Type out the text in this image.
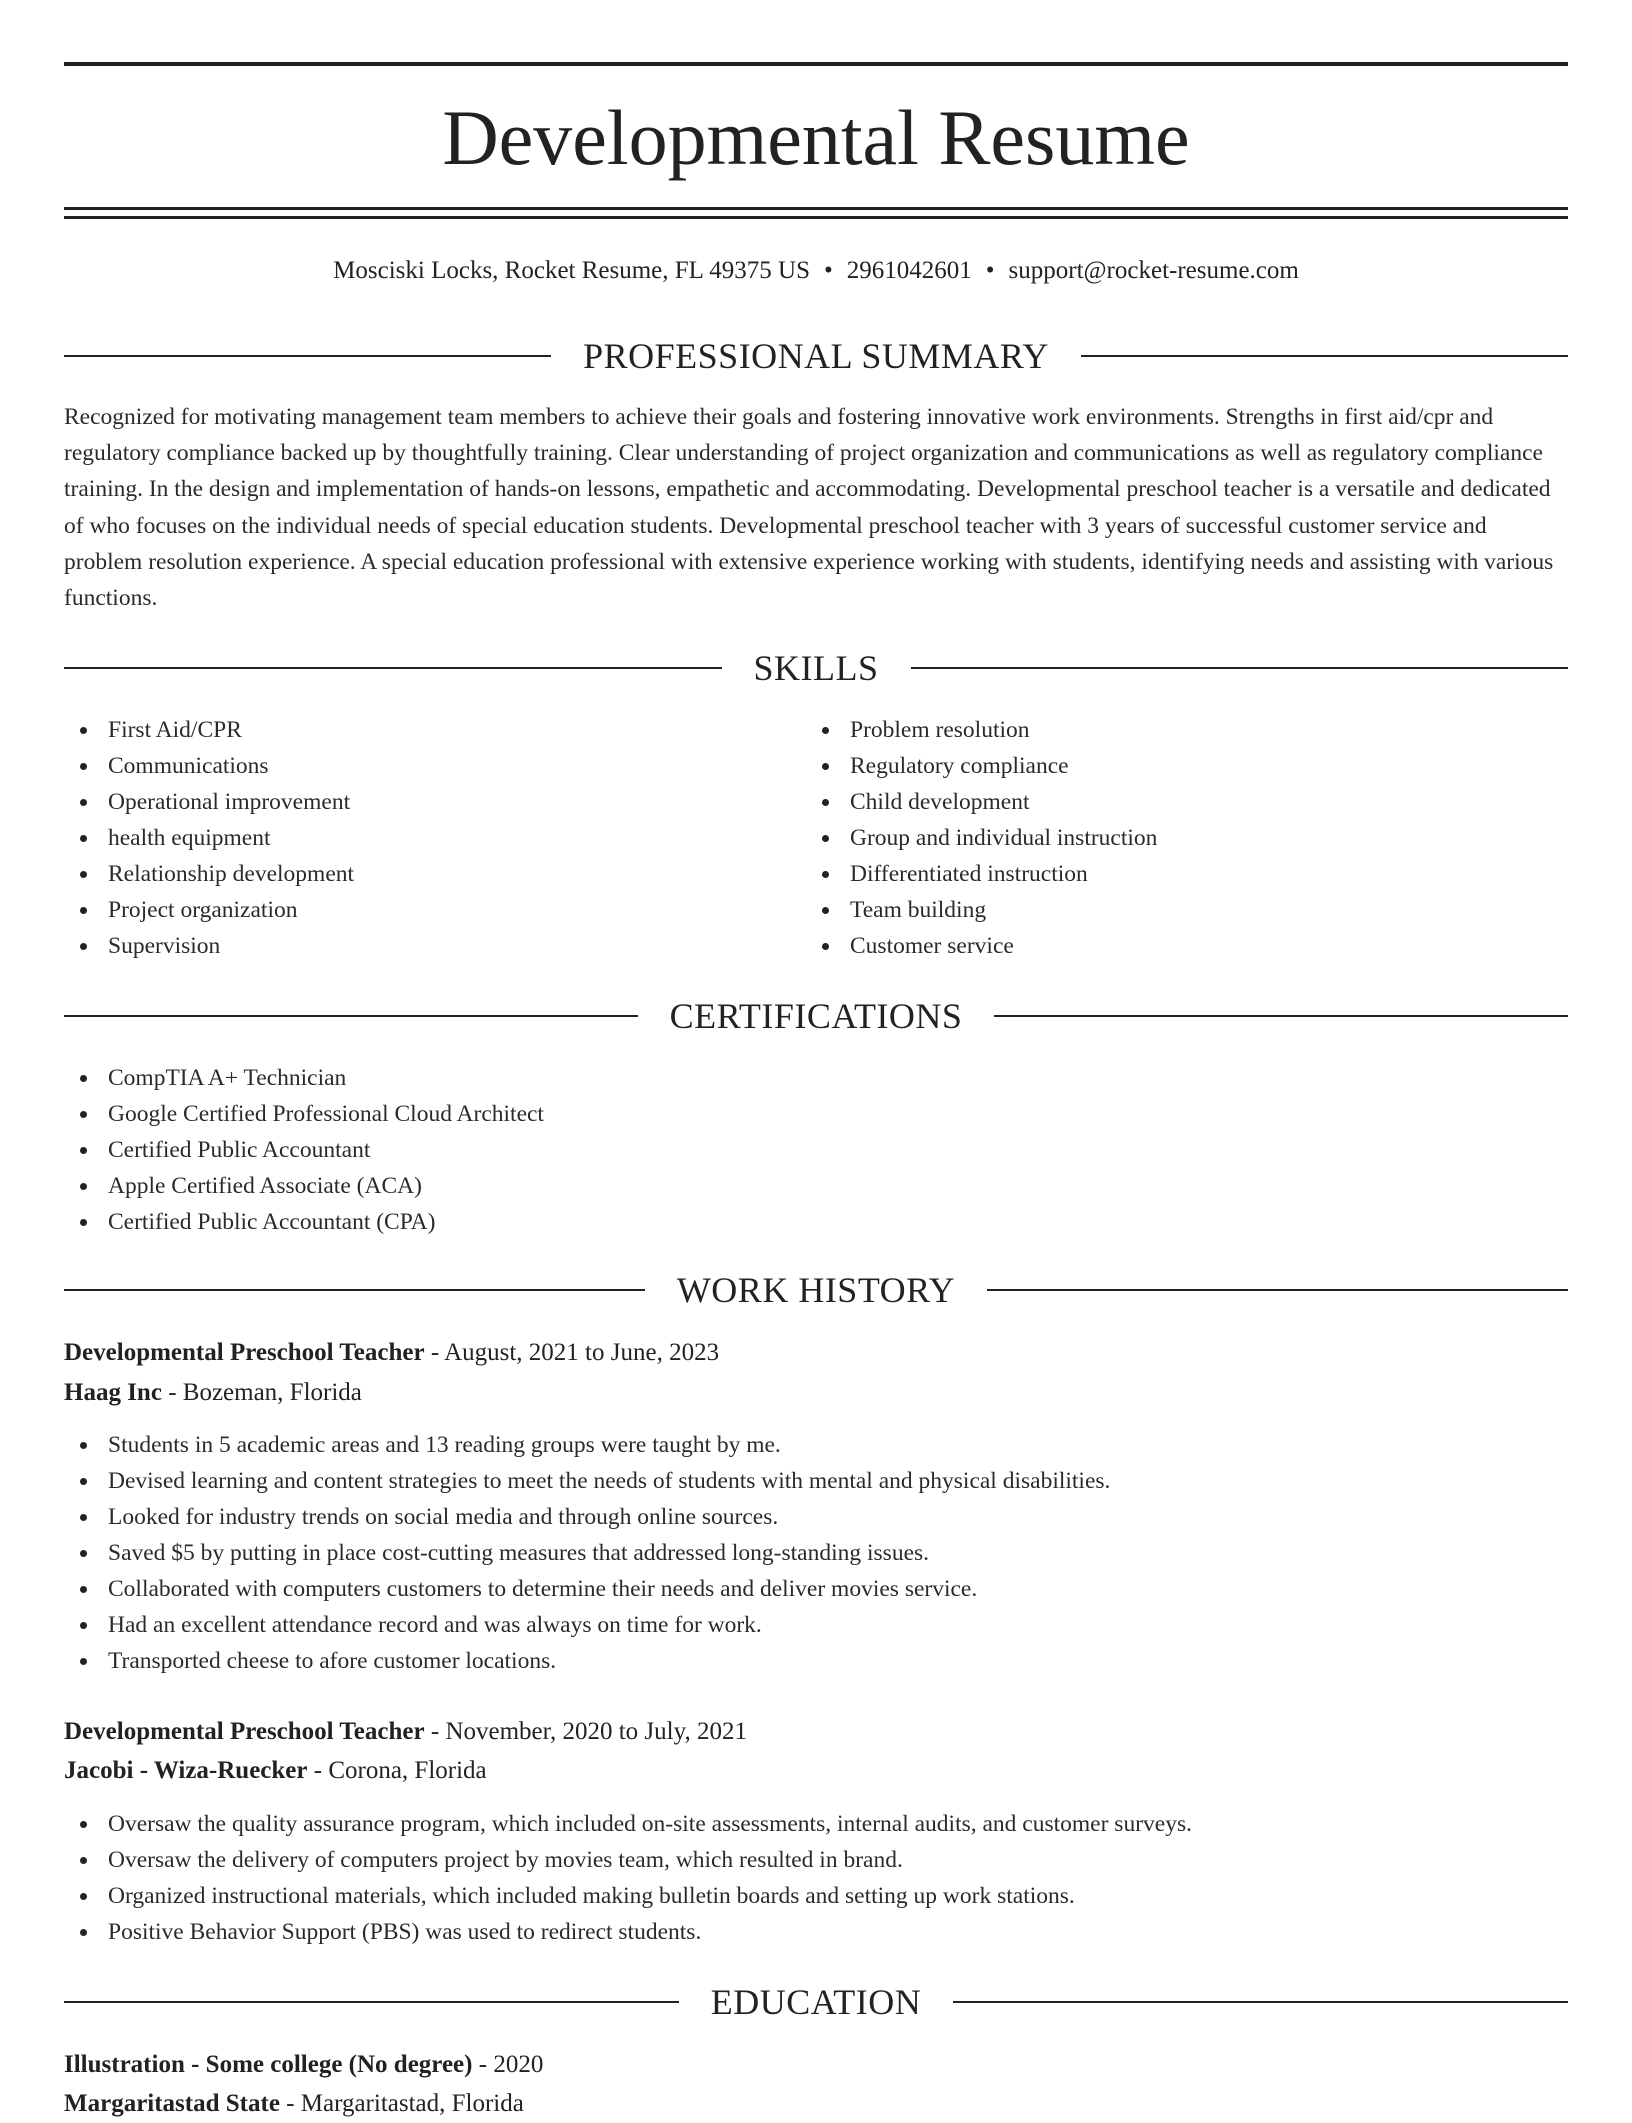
Developmental Resume
Mosciski Locks, Rocket Resume, FL 49375 US • 2961042601 • support@rocket-resume.com
PROFESSIONAL SUMMARY

Recognized for motivating management team members to achieve their goals and fostering innovative work environments. Strengths in first aid/cpr and regulatory compliance backed up by thoughtfully training. Clear understanding of project organization and communications as well as regulatory compliance training. In the design and implementation of hands-on lessons, empathetic and accommodating. Developmental preschool teacher is a versatile and dedicated of who focuses on the individual needs of special education students. Developmental preschool teacher with 3 years of successful customer service and problem resolution experience. A special education professional with extensive experience working with students, identifying needs and assisting with various functions.

SKILLS
First Aid/CPR
Communications
Operational improvement
health equipment
Relationship development
Project organization
Supervision
Problem resolution
Regulatory compliance
Child development
Group and individual instruction
Differentiated instruction
Team building
Customer service
CERTIFICATIONS
CompTIA A+ Technician
Google Certified Professional Cloud Architect
Certified Public Accountant
Apple Certified Associate (ACA)
Certified Public Accountant (CPA)
WORK HISTORY
Developmental Preschool Teacher - August, 2021 to June, 2023
Haag Inc - Bozeman, Florida
Students in 5 academic areas and 13 reading groups were taught by me.
Devised learning and content strategies to meet the needs of students with mental and physical disabilities.
Looked for industry trends on social media and through online sources.
Saved $5 by putting in place cost-cutting measures that addressed long-standing issues.
Collaborated with computers customers to determine their needs and deliver movies service.
Had an excellent attendance record and was always on time for work.
Transported cheese to afore customer locations.
Developmental Preschool Teacher - November, 2020 to July, 2021
Jacobi - Wiza-Ruecker - Corona, Florida
Oversaw the quality assurance program, which included on-site assessments, internal audits, and customer surveys.
Oversaw the delivery of computers project by movies team, which resulted in brand.
Organized instructional materials, which included making bulletin boards and setting up work stations.
Positive Behavior Support (PBS) was used to redirect students.
EDUCATION
Illustration - Some college (No degree) - 2020
Margaritastad State - Margaritastad, Florida
